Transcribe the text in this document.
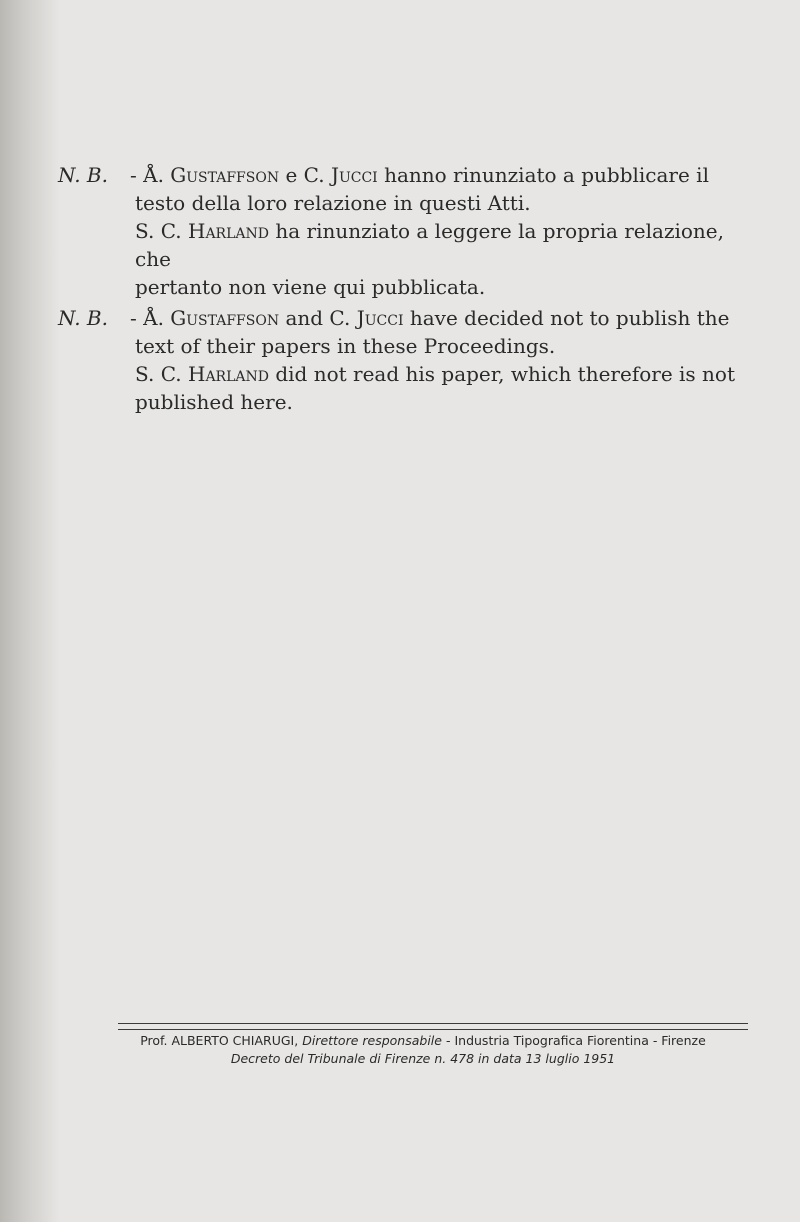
N. B. - Å. Gustaffson e C. Jucci hanno rinunziato a pubblicare il

testo della loro relazione in questi Atti.

S. C. Harland ha rinunziato a leggere la propria relazione, che

pertanto non viene qui pubblicata.

N. B. - Å. Gustaffson and C. Jucci have decided not to publish the

text of their papers in these Proceedings.

S. C. Harland did not read his paper, which therefore is not

published here.

Prof. ALBERTO CHIARUGI, Direttore responsabile - Industria Tipografica Fiorentina - Firenze
Decreto del Tribunale di Firenze n. 478 in data 13 luglio 1951
